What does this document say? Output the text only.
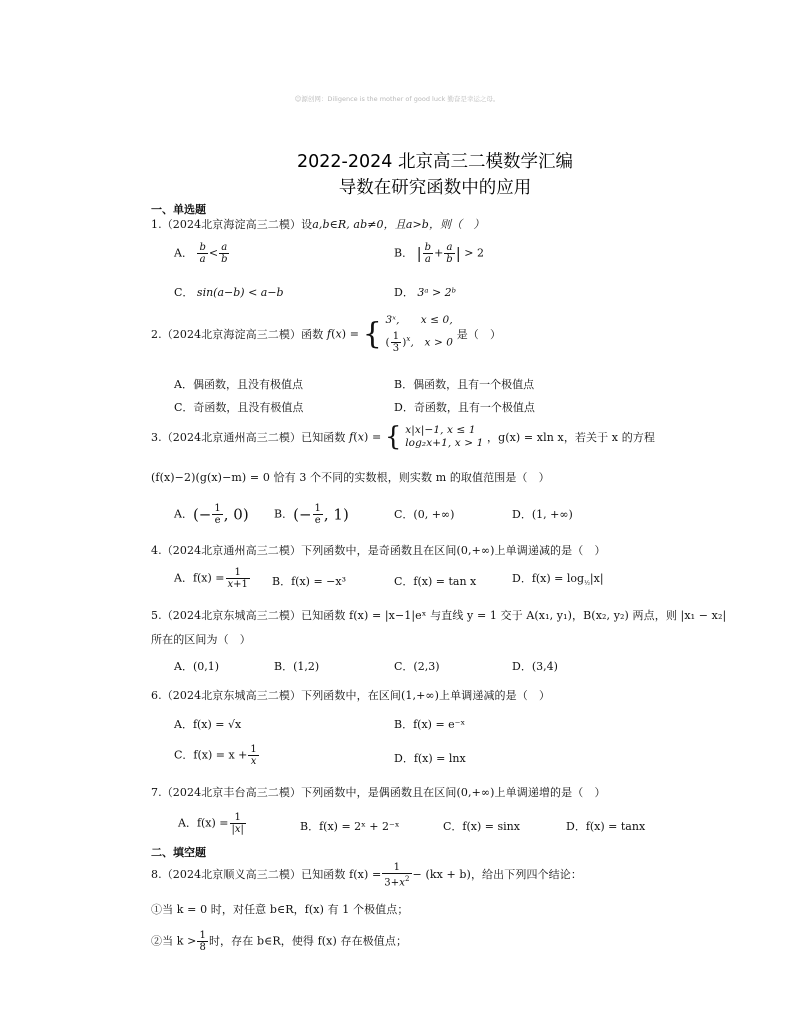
☺源创网：Diligence is the mother of good luck 勤奋是幸运之母。
2022-2024 北京高三二模数学汇编
导数在研究函数中的应用
一、单选题
1.（2024北京海淀高三二模）设a,b∈R, ab≠0，且a>b，则（　）
A． $\frac{b}{a} < \frac{a}{b}$	B． | $\frac{b}{a} + \frac{a}{b}$ | > 2
C． sin(a−b) < a−b	D． 3ᵃ > 2ᵇ
2.（2024北京海淀高三二模）函数 f(x) = { 3ˣ,　　x ≤ 0,
( $\frac{1}{3} )^x$,　x > 0
是（　）
A．偶函数，且没有极值点	B．偶函数，且有一个极值点
C．奇函数，且没有极值点	D．奇函数，且有一个极值点
3.（2024北京通州高三二模）已知函数 f(x) = { x|x|−1, x ≤ 1
log₂x+1, x > 1 ，g(x) = xln x，若关于 x 的方程
(f(x)−2)(g(x)−m) = 0 恰有 3 个不同的实数根，则实数 m 的取值范围是（　）
A．(− $\frac{1}{e}$ , 0) B．(− $\frac{1}{e}$ , 1)	C．(0, +∞)	D．(1, +∞)
4.（2024北京通州高三二模）下列函数中，是奇函数且在区间(0,+∞)上单调递减的是（　）
A．$f(x) = \frac{1}{x+1}$ B．f(x) = −x³	C．f(x) = tan x	D．$f(x) = \log_{\frac{1}{2}}|x|$
5.（2024北京东城高三二模）已知函数 f(x) = |x−1|eˣ 与直线 y = 1 交于 A(x₁, y₁)，B(x₂, y₂) 两点，则 |x₁ − x₂|
所在的区间为（　）
A．(0,1)	B．(1,2)	C．(2,3)	D．(3,4)
6.（2024北京东城高三二模）下列函数中，在区间(1,+∞)上单调递减的是（　）
A．f(x) = √x	B．f(x) = e⁻ˣ
C．$f(x) = x + \frac{1}{x}$	D．f(x) = lnx
7.（2024北京丰台高三二模）下列函数中，是偶函数且在区间(0,+∞)上单调递增的是（　）
A．$f(x) = \frac{1}{|x|}$	B．f(x) = 2ˣ + 2⁻ˣ	C．f(x) = sinx	D．f(x) = tanx
二、填空题
8.（2024北京顺义高三二模）已知函数 $f(x) = \frac{1}{3+x^2} - (kx + b)$，给出下列四个结论：
①当 k = 0 时，对任意 b∈R，f(x) 有 1 个极值点；
②当 $k > \frac{1}{8}$ 时，存在 b∈R，使得 f(x) 存在极值点；
